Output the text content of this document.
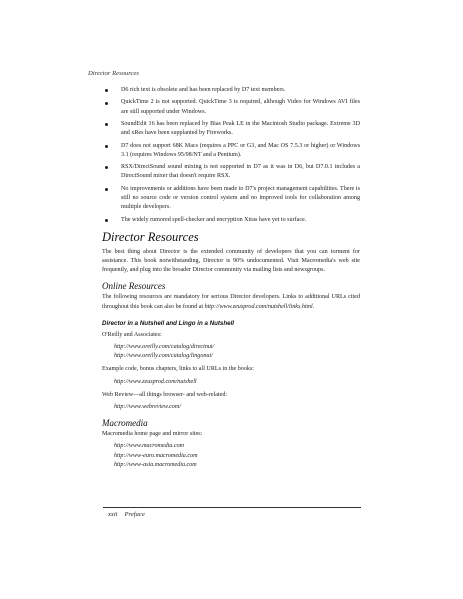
Director Resources
D6 rich text is obsolete and has been replaced by D7 text members.
QuickTime 2 is not supported. QuickTime 3 is required, although Video for Windows AVI files are still supported under Windows.
SoundEdit 16 has been replaced by Bias Peak LE in the Macintosh Studio package. Extreme 3D and xRes have been supplanted by Fireworks.
D7 does not support 68K Macs (requires a PPC or G3, and Mac OS 7.5.3 or higher) or Windows 3.1 (requires Windows 95/98/NT and a Pentium).
RSX/DirectSound sound mixing is not supported in D7 as it was in D6, but D7.0.1 includes a DirectSound mixer that doesn't require RSX.
No improvements or additions have been made to D7's project management capabilities. There is still no source code or version control system and no improved tools for collaboration among multiple developers.
The widely rumored spell-checker and encryption Xtras have yet to surface.
Director Resources

The best thing about Director is the extended community of developers that you can torment for assistance. This book notwithstanding, Director is 90% undocumented. Visit Macromedia's web site frequently, and plug into the broader Director community via mailing lists and newsgroups.

Online Resources

The following resources are mandatory for serious Director developers. Links to additional URLs cited throughout this book can also be found at http://www.zeusprod.com/nutshell/links.html.

Director in a Nutshell and Lingo in a Nutshell

O'Reilly and Associates:

http://www.oreilly.com/catalog/directnut/
http://www.oreilly.com/catalog/lingonut/

Example code, bonus chapters, links to all URLs in the books:

http://www.zeusprod.com/nutshell

Web Review—all things browser- and web-related:

http://www.webreview.com/
Macromedia

Macromedia home page and mirror sites:

http://www.macromedia.com
http://www-euro.macromedia.com
http://www-asia.macromedia.com
xxii Preface
